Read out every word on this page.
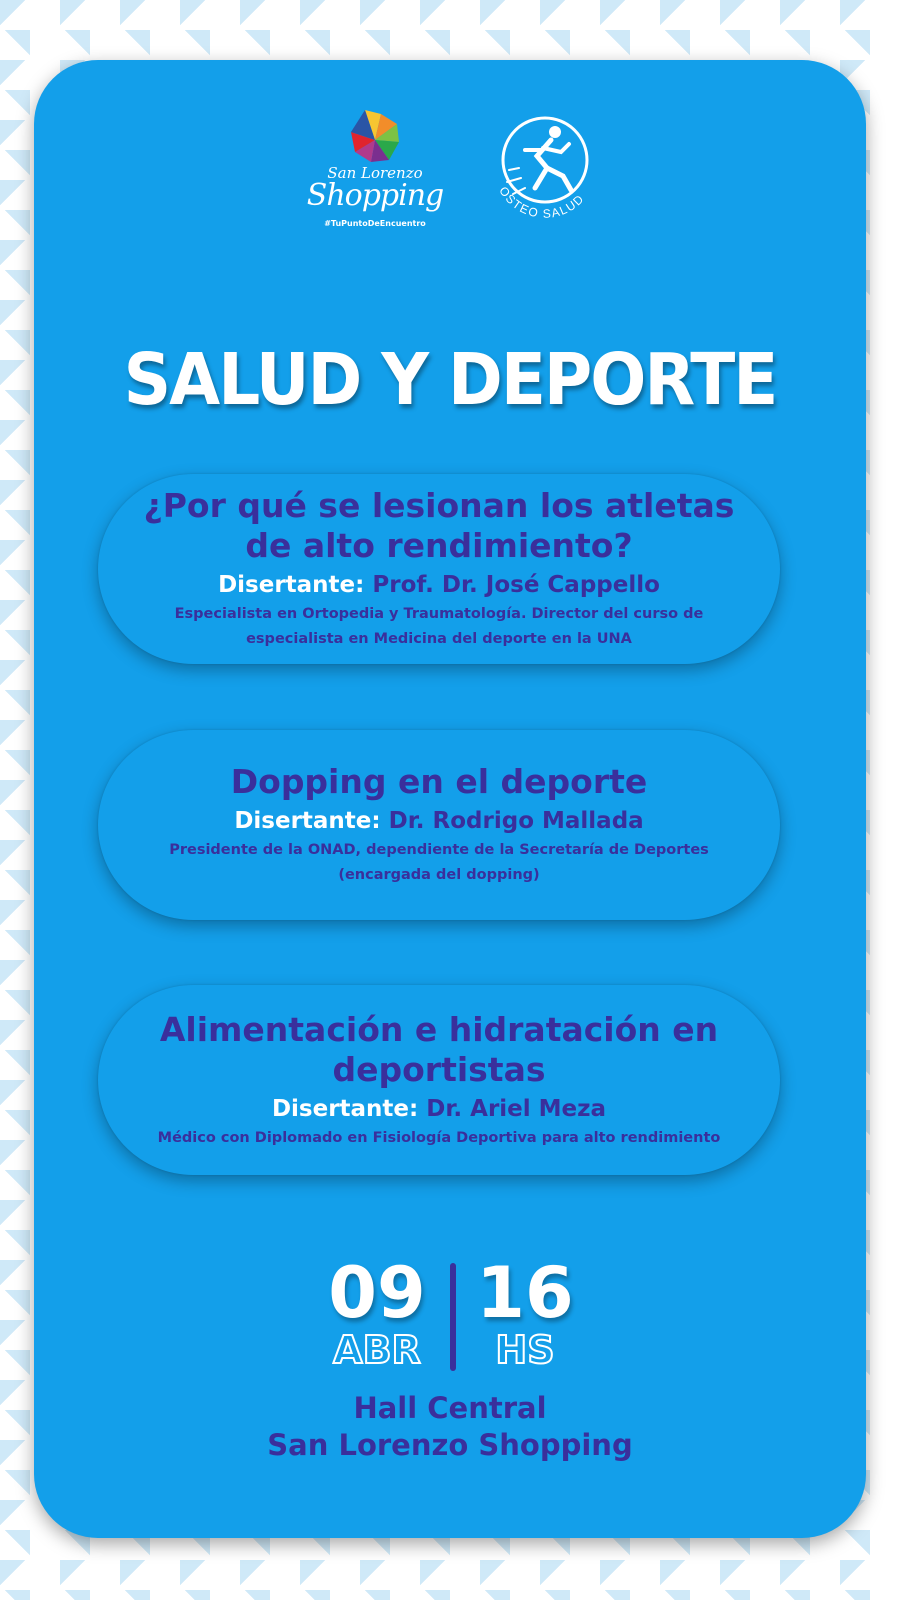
San Lorenzo
Shopping
#TuPuntoDeEncuentro
OSTEO SALUD
SALUD Y DEPORTE
¿Por qué se lesionan los atletas de alto rendimiento?
Disertante: Prof. Dr. José Cappello
Especialista en Ortopedia y Traumatología. Director del curso de especialista en Medicina del deporte en la UNA
Dopping en el deporte
Disertante: Dr. Rodrigo Mallada
Presidente de la ONAD, dependiente de la Secretaría de Deportes (encargada del dopping)
Alimentación e hidratación en deportistas
Disertante: Dr. Ariel Meza
Médico con Diplomado en Fisiología Deportiva para alto rendimiento
09
ABR
16
HS
Hall Central
San Lorenzo Shopping
